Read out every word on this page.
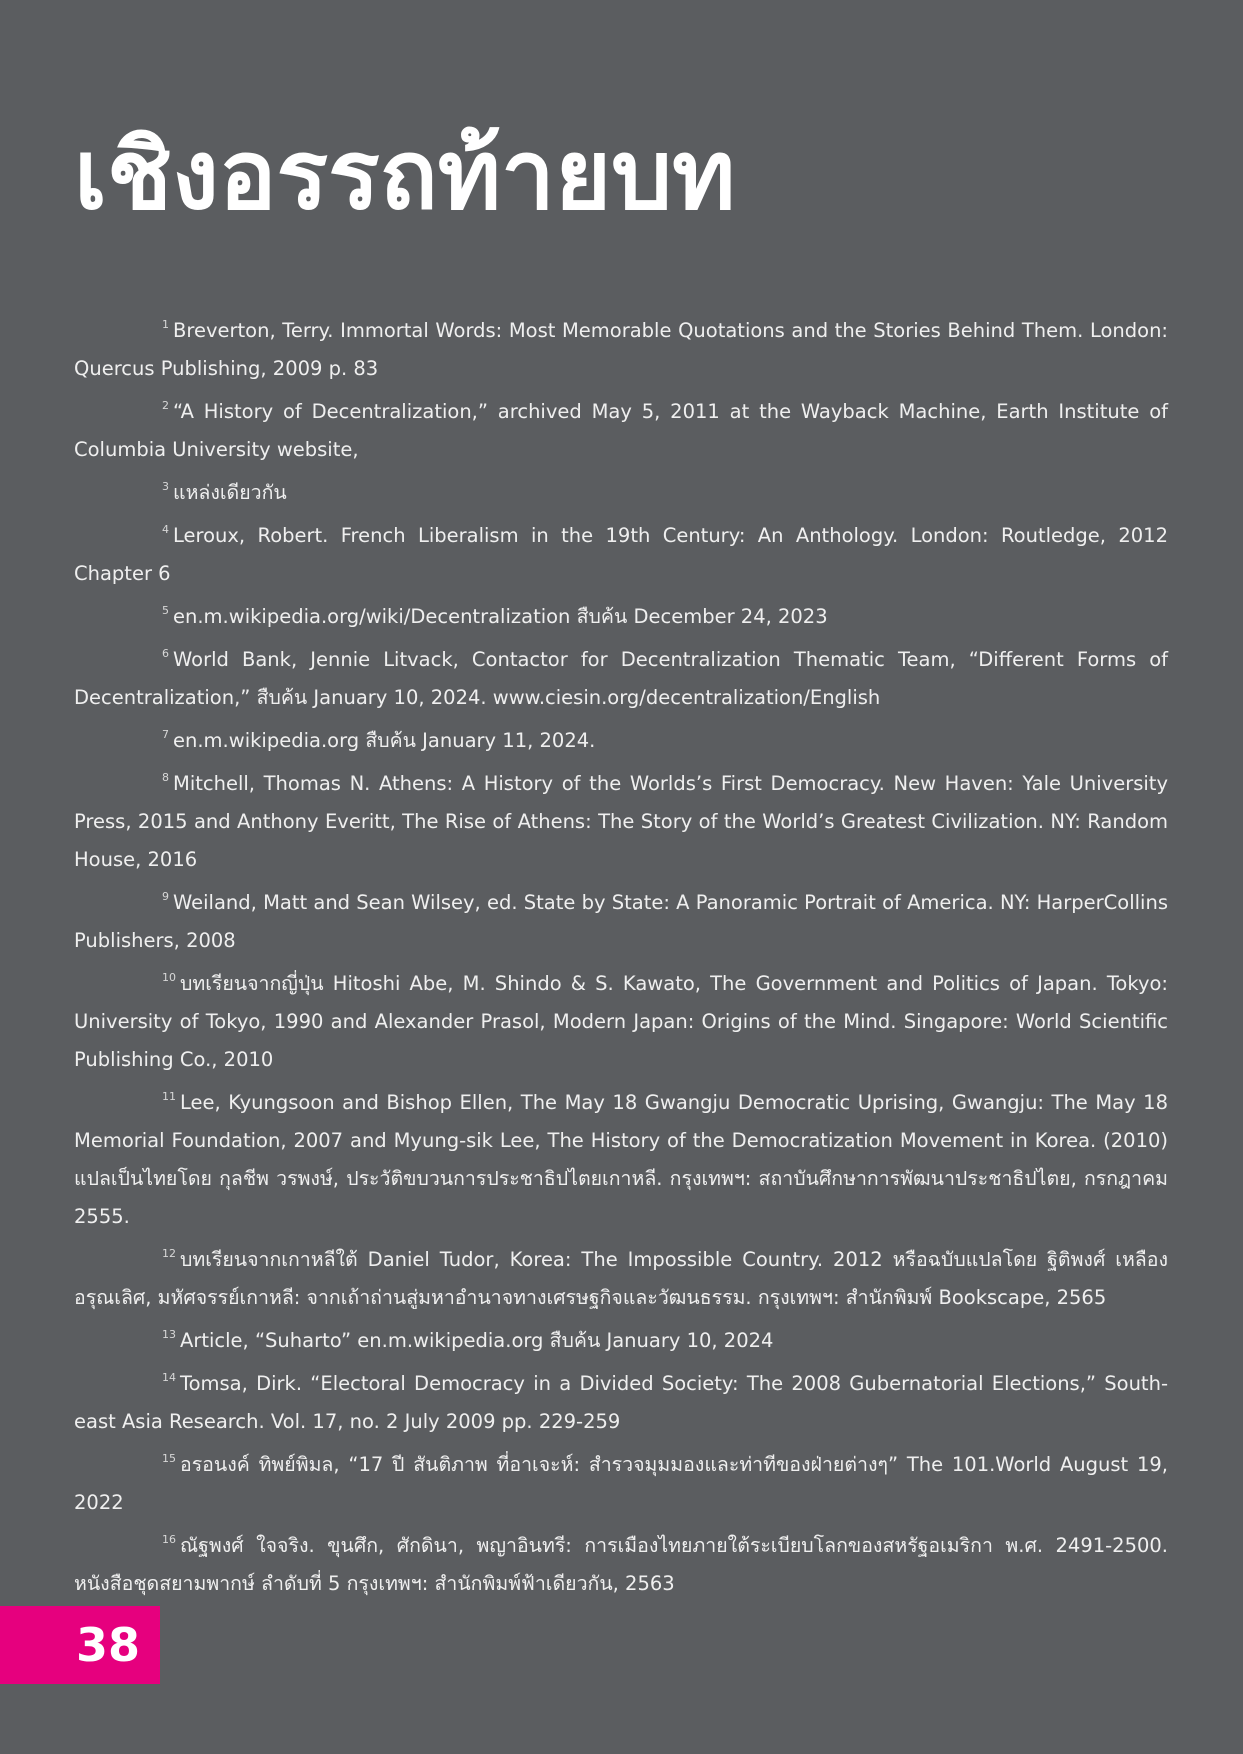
เชิงอรรถท้ายบท

$^1$ Breverton, Terry. Immortal Words: Most Memorable Quotations and the Stories Behind Them. London: Quercus Publishing, 2009 p. 83

$^2$ “A History of Decentralization,” archived May 5, 2011 at the Wayback Machine, Earth Institute of Columbia University website,

$^3$ แหล่งเดียวกัน

$^4$ Leroux, Robert. French Liberalism in the 19th Century: An Anthology. London: Routledge, 2012 Chapter 6

$^5$ en.m.wikipedia.org/wiki/Decentralization สืบค้น December 24, 2023

$^6$ World Bank, Jennie Litvack, Contactor for Decentralization Thematic Team, “Different Forms of Decentralization,” สืบค้น January 10, 2024. www.ciesin.org/decentralization/English

$^7$ en.m.wikipedia.org สืบค้น January 11, 2024.

$^8$ Mitchell, Thomas N. Athens: A History of the Worlds’s First Democracy. New Haven: Yale University Press, 2015 and Anthony Everitt, The Rise of Athens: The Story of the World’s Greatest Civilization. NY: Random House, 2016

$^9$ Weiland, Matt and Sean Wilsey, ed. State by State: A Panoramic Portrait of America. NY: HarperCollins Publishers, 2008

$^{10}$ บทเรียนจากญี่ปุ่น Hitoshi Abe, M. Shindo & S. Kawato, The Government and Politics of Japan. Tokyo: University of Tokyo, 1990 and Alexander Prasol, Modern Japan: Origins of the Mind. Singapore: World Scientific Publishing Co., 2010

$^{11}$ Lee, Kyungsoon and Bishop Ellen, The May 18 Gwangju Democratic Uprising, Gwangju: The May 18 Memorial Foundation, 2007 and Myung-sik Lee, The History of the Democratization Movement in Korea. (2010) แปลเป็นไทยโดย กุลชีพ วรพงษ์, ประวัติขบวนการประชาธิปไตยเกาหลี. กรุงเทพฯ: สถาบันศึกษาการพัฒนาประชาธิปไตย, กรกฎาคม 2555.

$^{12}$ บทเรียนจากเกาหลีใต้ Daniel Tudor, Korea: The Impossible Country. 2012 หรือฉบับแปลโดย ฐิติพงศ์ เหลือง อรุณเลิศ, มหัศจรรย์เกาหลี: จากเถ้าถ่านสู่มหาอำนาจทางเศรษฐกิจและวัฒนธรรม. กรุงเทพฯ: สำนักพิมพ์ Bookscape, 2565

$^{13}$ Article, “Suharto” en.m.wikipedia.org สืบค้น January 10, 2024

$^{14}$ Tomsa, Dirk. “Electoral Democracy in a Divided Society: The 2008 Gubernatorial Elections,” Southeast Asia Research. Vol. 17, no. 2 July 2009 pp. 229-259

$^{15}$ อรอนงค์ ทิพย์พิมล, “17 ปี สันติภาพ ที่อาเจะห์: สำรวจมุมมองและท่าทีของฝ่ายต่างๆ” The 101.World August 19, 2022

$^{16}$ ณัฐพงศ์ ใจจริง. ขุนศึก, ศักดินา, พญาอินทรี: การเมืองไทยภายใต้ระเบียบโลกของสหรัฐอเมริกา พ.ศ. 2491-2500. หนังสือชุดสยามพากษ์ ลำดับที่ 5 กรุงเทพฯ: สำนักพิมพ์ฟ้าเดียวกัน, 2563

38
